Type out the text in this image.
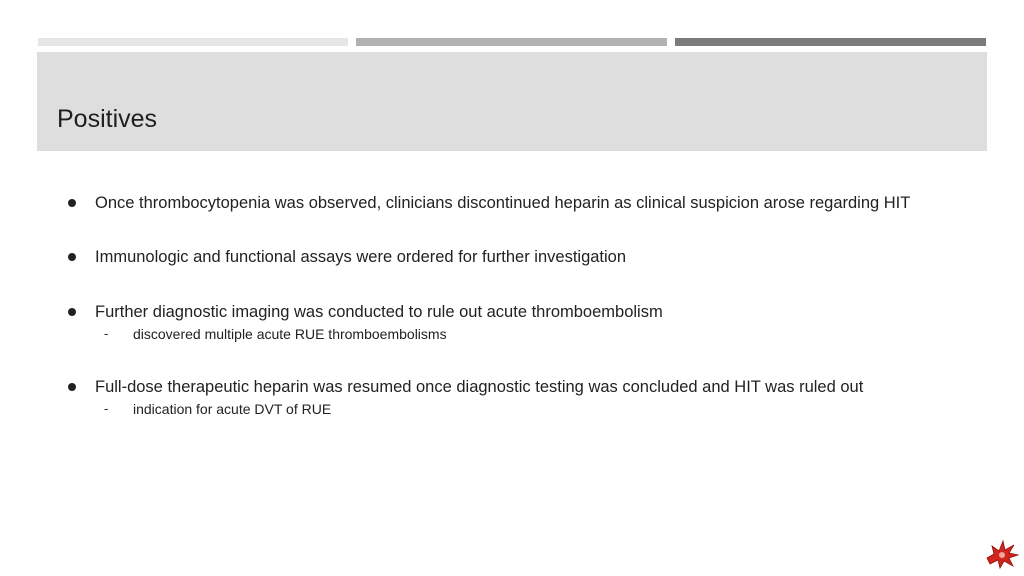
Positives
Once thrombocytopenia was observed, clinicians discontinued heparin as clinical suspicion arose regarding HIT
Immunologic and functional assays were ordered for further investigation
Further diagnostic imaging was conducted to rule out acute thromboembolism
- discovered multiple acute RUE thromboembolisms
Full-dose therapeutic heparin was resumed once diagnostic testing was concluded and HIT was ruled out
- indication for acute DVT of RUE
